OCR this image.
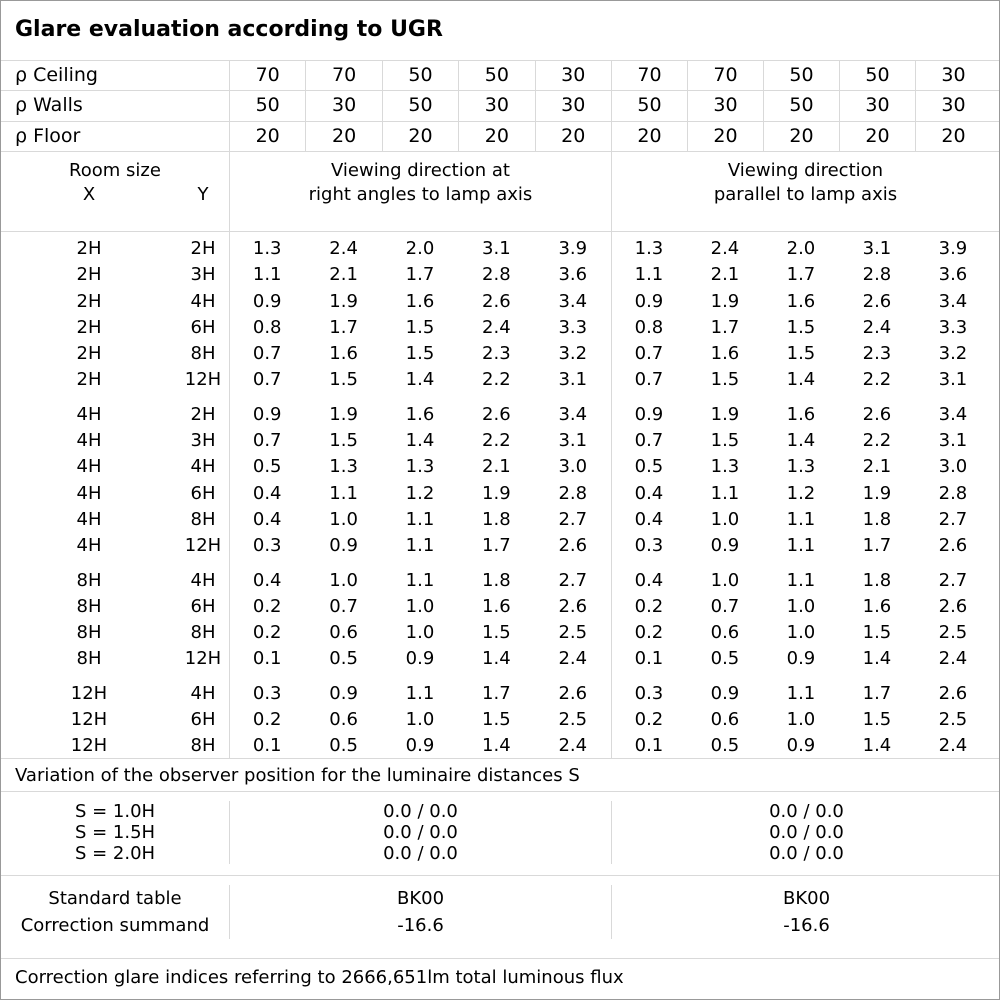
Glare evaluation according to UGR
ρ Ceiling	70	70	50	50	30	70	70	50	50	30
ρ Walls	50	30	50	30	30	50	30	50	30	30
ρ Floor	20	20	20	20	20	20	20	20	20	20
Room size
X	Y
Viewing direction at
right angles to lamp axis
Viewing direction
parallel to lamp axis
2H	2H	1.3	2.4	2.0	3.1	3.9	1.3	2.4	2.0	3.1	3.9
2H	3H	1.1	2.1	1.7	2.8	3.6	1.1	2.1	1.7	2.8	3.6
2H	4H	0.9	1.9	1.6	2.6	3.4	0.9	1.9	1.6	2.6	3.4
2H	6H	0.8	1.7	1.5	2.4	3.3	0.8	1.7	1.5	2.4	3.3
2H	8H	0.7	1.6	1.5	2.3	3.2	0.7	1.6	1.5	2.3	3.2
2H	12H	0.7	1.5	1.4	2.2	3.1	0.7	1.5	1.4	2.2	3.1
4H	2H	0.9	1.9	1.6	2.6	3.4	0.9	1.9	1.6	2.6	3.4
4H	3H	0.7	1.5	1.4	2.2	3.1	0.7	1.5	1.4	2.2	3.1
4H	4H	0.5	1.3	1.3	2.1	3.0	0.5	1.3	1.3	2.1	3.0
4H	6H	0.4	1.1	1.2	1.9	2.8	0.4	1.1	1.2	1.9	2.8
4H	8H	0.4	1.0	1.1	1.8	2.7	0.4	1.0	1.1	1.8	2.7
4H	12H	0.3	0.9	1.1	1.7	2.6	0.3	0.9	1.1	1.7	2.6
8H	4H	0.4	1.0	1.1	1.8	2.7	0.4	1.0	1.1	1.8	2.7
8H	6H	0.2	0.7	1.0	1.6	2.6	0.2	0.7	1.0	1.6	2.6
8H	8H	0.2	0.6	1.0	1.5	2.5	0.2	0.6	1.0	1.5	2.5
8H	12H	0.1	0.5	0.9	1.4	2.4	0.1	0.5	0.9	1.4	2.4
12H	4H	0.3	0.9	1.1	1.7	2.6	0.3	0.9	1.1	1.7	2.6
12H	6H	0.2	0.6	1.0	1.5	2.5	0.2	0.6	1.0	1.5	2.5
12H	8H	0.1	0.5	0.9	1.4	2.4	0.1	0.5	0.9	1.4	2.4
Variation of the observer position for the luminaire distances S
S = 1.0H	0.0 / 0.0	0.0 / 0.0
S = 1.5H	0.0 / 0.0	0.0 / 0.0
S = 2.0H	0.0 / 0.0	0.0 / 0.0
Standard table	BK00	BK00
Correction summand	-16.6	-16.6
Correction glare indices referring to 2666,651lm total luminous flux
